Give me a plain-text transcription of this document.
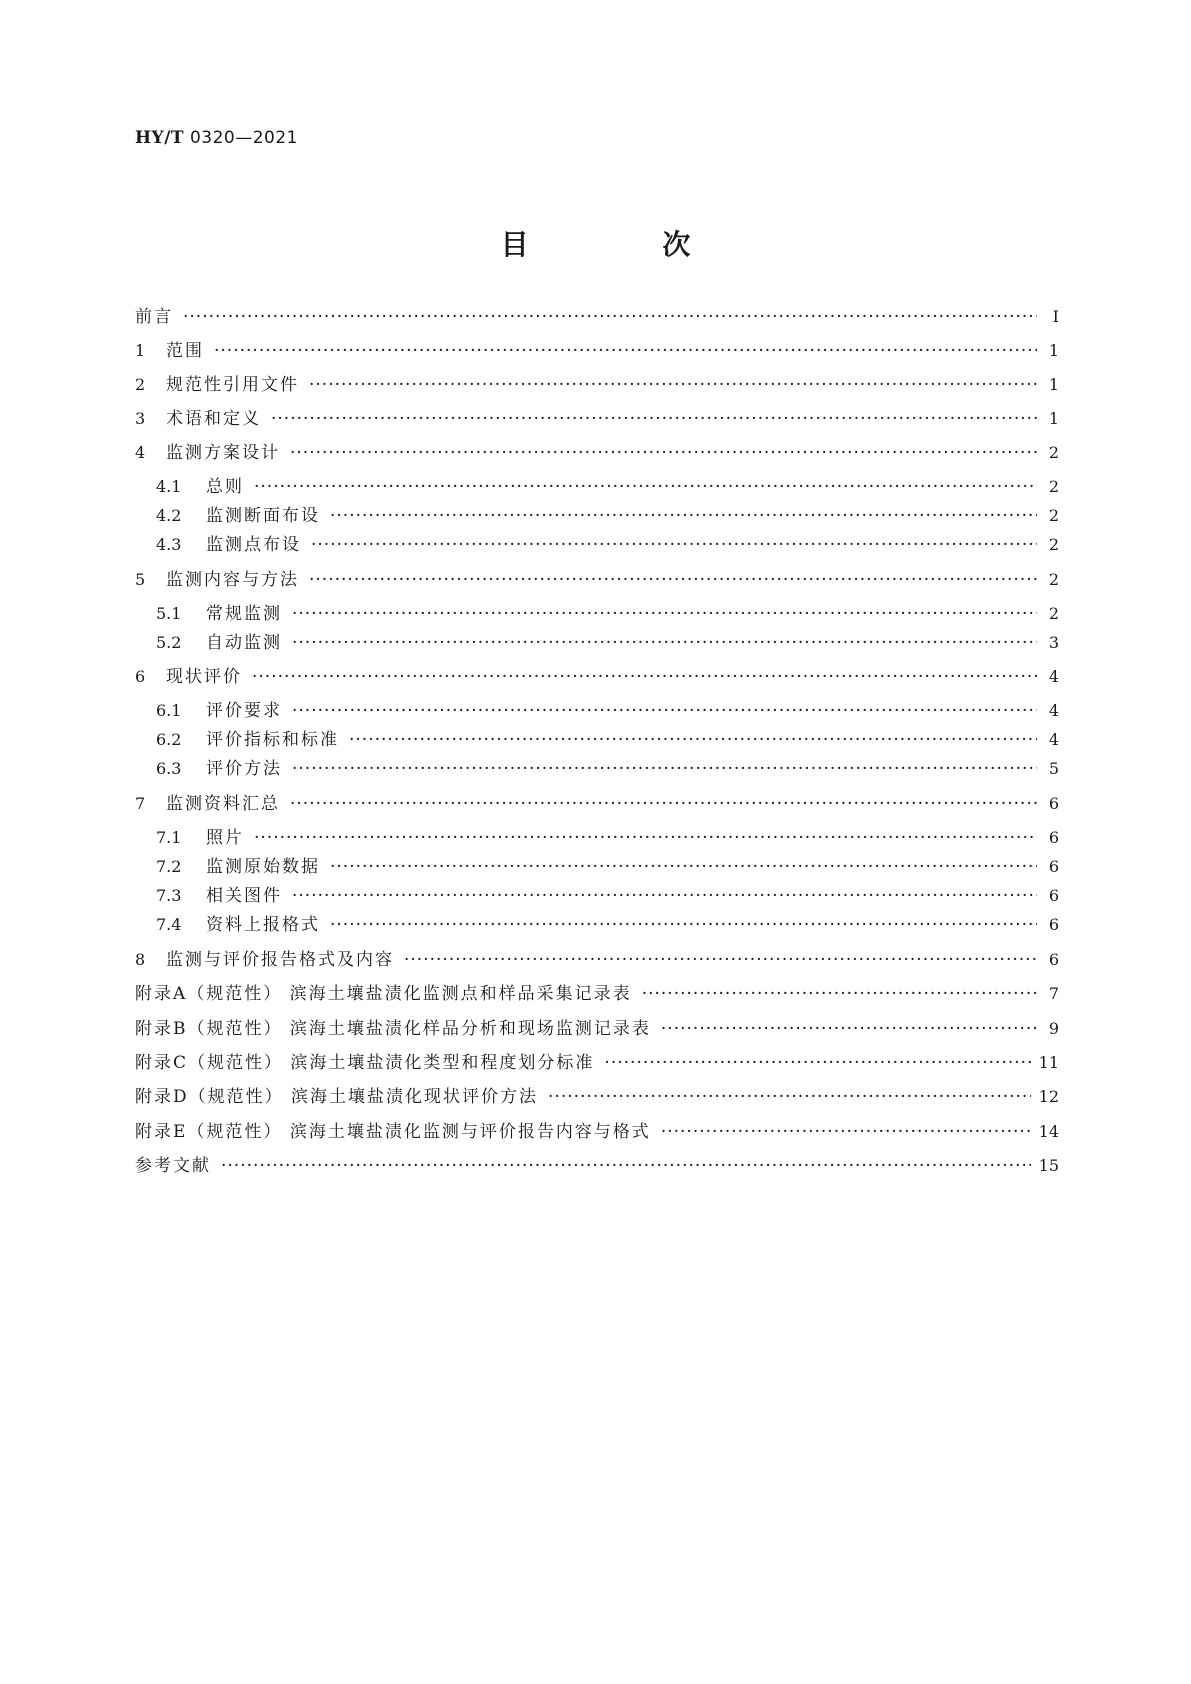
HY/T 0320—2021
目 次
前言 ·····	Ⅰ
1	范围 ·····	1
2	规范性引用文件 ·····	1
3	术语和定义 ·····	1
4	监测方案设计 ·····	2
4.1	总则 ·····	2
4.2	监测断面布设 ·····	2
4.3	监测点布设 ·····	2
5	监测内容与方法 ·····	2
5.1	常规监测 ·····	2
5.2	自动监测 ·····	3
6	现状评价 ·····	4
6.1	评价要求 ·····	4
6.2	评价指标和标准 ·····	4
6.3	评价方法 ·····	5
7	监测资料汇总 ·····	6
7.1	照片 ·····	6
7.2	监测原始数据 ·····	6
7.3	相关图件 ·····	6
7.4	资料上报格式 ·····	6
8	监测与评价报告格式及内容 ·····	6
附录A（规范性） 滨海土壤盐渍化监测点和样品采集记录表 ·····	7
附录B（规范性） 滨海土壤盐渍化样品分析和现场监测记录表 ·····	9
附录C（规范性） 滨海土壤盐渍化类型和程度划分标准 ·····	11
附录D（规范性） 滨海土壤盐渍化现状评价方法 ·····	12
附录E（规范性） 滨海土壤盐渍化监测与评价报告内容与格式 ·····	14
参考文献 ·····	15
